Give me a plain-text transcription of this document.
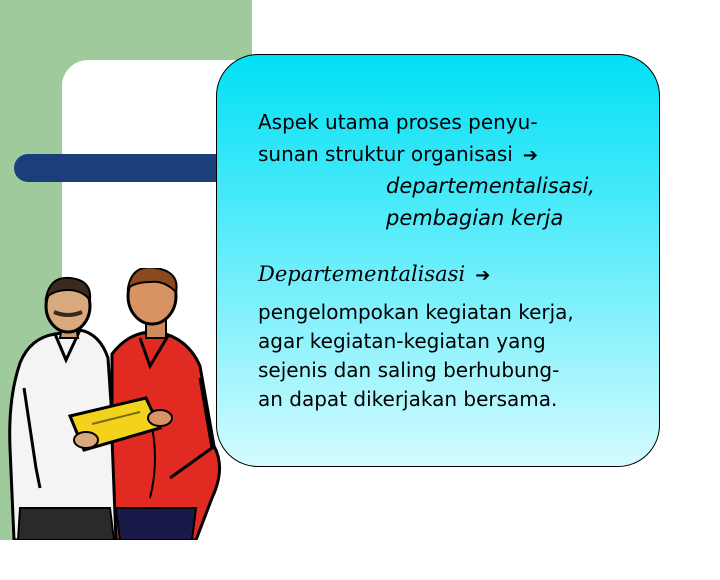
Aspek utama proses penyu-
sunan struktur organisasi ➔
departementalisasi,
pembagian kerja
Departementalisasi ➔
pengelompokan kegiatan kerja,
agar kegiatan-kegiatan yang
sejenis dan saling berhubung-
an dapat dikerjakan bersama.
